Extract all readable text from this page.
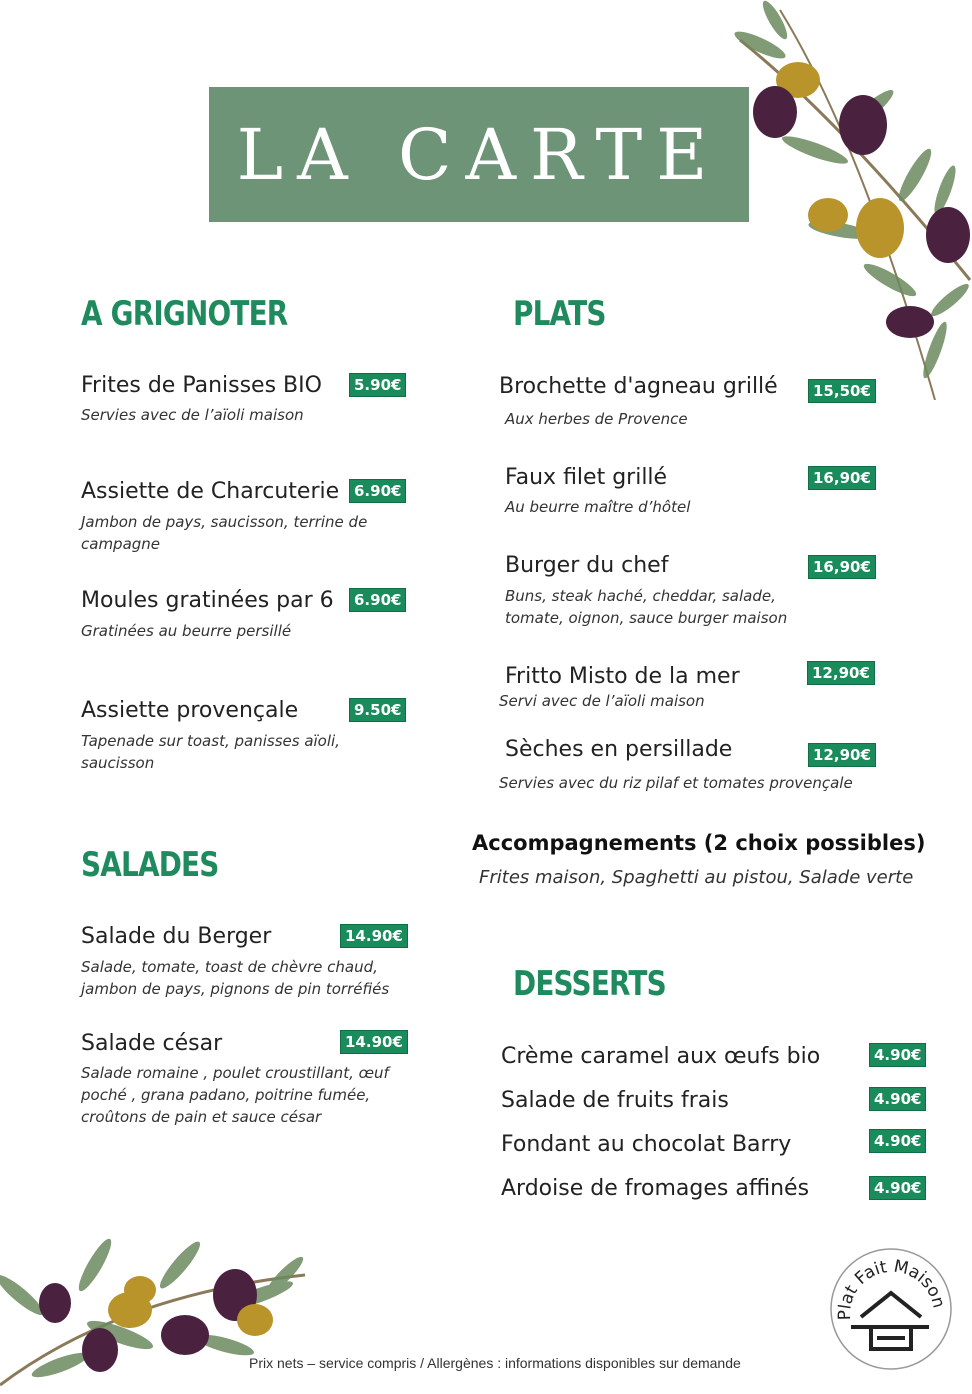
LA CARTE
A GRIGNOTER
Frites de Panisses BIO	5.90€
Servies avec de l’aïoli maison
Assiette de Charcuterie 6.90€
Jambon de pays, saucisson, terrine de campagne
Moules gratinées par 6	6.90€
Gratinées au beurre persillé
Assiette provençale	9.50€
Tapenade sur toast, panisses aïoli, saucisson
SALADES
Salade du Berger	14.90€
Salade, tomate, toast de chèvre chaud, jambon de pays, pignons de pin torréfiés
Salade césar	14.90€
Salade romaine , poulet croustillant, œuf poché , grana padano, poitrine fumée, croûtons de pain et sauce césar
PLATS
Brochette d'agneau grillé	15,50€
Aux herbes de Provence
Faux filet grillé	16,90€
Au beurre maître d’hôtel
Burger du chef	16,90€
Buns, steak haché, cheddar, salade, tomate, oignon, sauce burger maison
Fritto Misto de la mer	12,90€
Servi avec de l’aïoli maison
Sèches en persillade	12,90€
Servies avec du riz pilaf et tomates provençale
Accompagnements (2 choix possibles)
Frites maison, Spaghetti au pistou, Salade verte
DESSERTS
Crème caramel aux œufs bio	4.90€
Salade de fruits frais	4.90€
Fondant au chocolat Barry	4.90€
Ardoise de fromages affinés	4.90€
Plat Fait Maison
Prix nets – service compris / Allergènes : informations disponibles sur demande
